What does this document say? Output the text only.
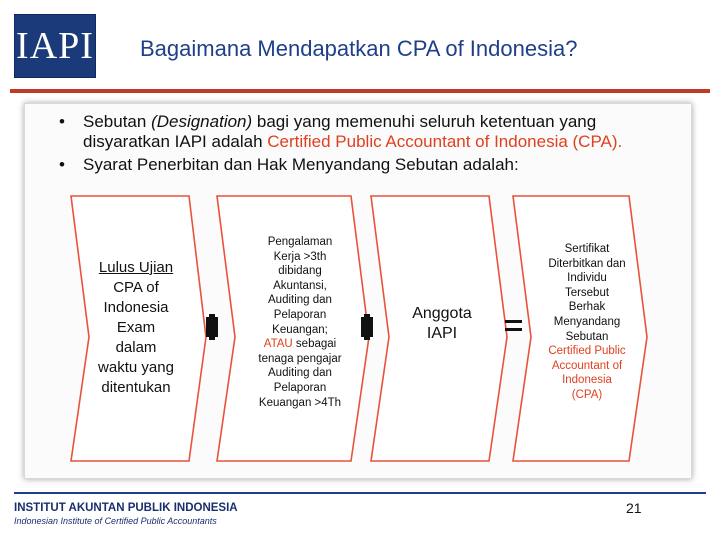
IAPI Bagaimana Mendapatkan CPA of Indonesia?
• Sebutan (Designation) bagi yang memenuhi seluruh ketentuan yang disyaratkan IAPI adalah Certified Public Accountant of Indonesia (CPA).
• Syarat Penerbitan dan Hak Menyandang Sebutan adalah:
Lulus Ujian
CPA of
Indonesia
Exam
dalam
waktu yang
ditentukan
Pengalaman
Kerja >3th
dibidang
Akuntansi,
Auditing dan
Pelaporan
Keuangan;
ATAU sebagai
tenaga pengajar
Auditing dan
Pelaporan
Keuangan >4Th
Anggota
IAPI
Sertifikat
Diterbitkan dan
Individu
Tersebut
Berhak
Menyandang
Sebutan
Certified Public
Accountant of
Indonesia
(CPA)
INSTITUT AKUNTAN PUBLIK INDONESIA
Indonesian Institute of Certified Public Accountants
21
